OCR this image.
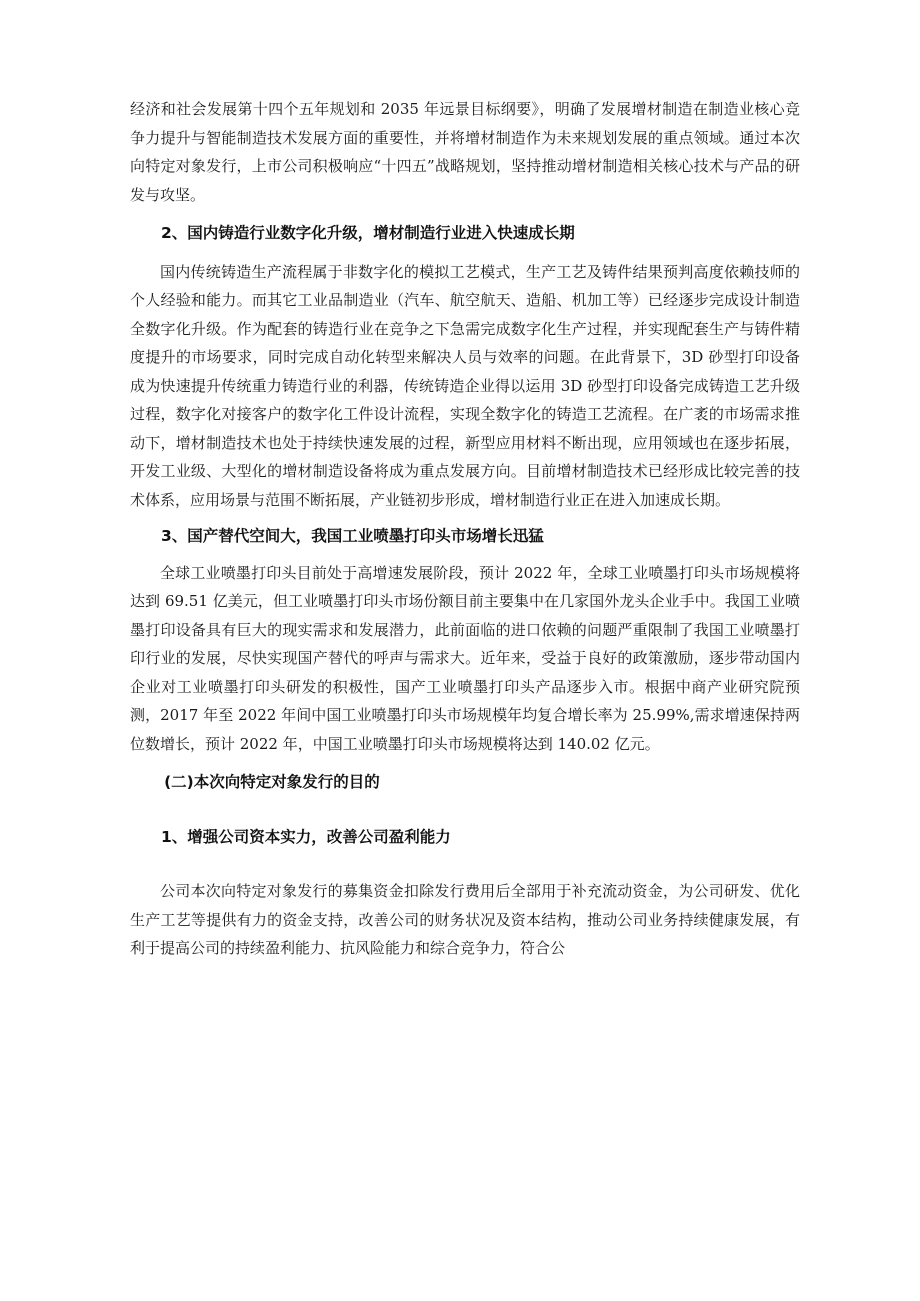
经济和社会发展第十四个五年规划和 2035 年远景目标纲要》，明确了发展增材制造在制造业核心竞争力提升与智能制造技术发展方面的重要性，并将增材制造作为未来规划发展的重点领域。通过本次向特定对象发行，上市公司积极响应“十四五”战略规划，坚持推动增材制造相关核心技术与产品的研发与攻坚。

2、国内铸造行业数字化升级，增材制造行业进入快速成长期

国内传统铸造生产流程属于非数字化的模拟工艺模式，生产工艺及铸件结果预判高度依赖技师的个人经验和能力。而其它工业品制造业（汽车、航空航天、造船、机加工等）已经逐步完成设计制造全数字化升级。作为配套的铸造行业在竞争之下急需完成数字化生产过程，并实现配套生产与铸件精度提升的市场要求，同时完成自动化转型来解决人员与效率的问题。在此背景下，3D 砂型打印设备成为快速提升传统重力铸造行业的利器，传统铸造企业得以运用 3D 砂型打印设备完成铸造工艺升级过程，数字化对接客户的数字化工件设计流程，实现全数字化的铸造工艺流程。在广袤的市场需求推动下，增材制造技术也处于持续快速发展的过程，新型应用材料不断出现，应用领域也在逐步拓展，开发工业级、大型化的增材制造设备将成为重点发展方向。目前增材制造技术已经形成比较完善的技术体系，应用场景与范围不断拓展，产业链初步形成，增材制造行业正在进入加速成长期。

3、国产替代空间大，我国工业喷墨打印头市场增长迅猛

全球工业喷墨打印头目前处于高增速发展阶段，预计 2022 年，全球工业喷墨打印头市场规模将达到 69.51 亿美元，但工业喷墨打印头市场份额目前主要集中在几家国外龙头企业手中。我国工业喷墨打印设备具有巨大的现实需求和发展潜力，此前面临的进口依赖的问题严重限制了我国工业喷墨打印行业的发展，尽快实现国产替代的呼声与需求大。近年来，受益于良好的政策激励，逐步带动国内企业对工业喷墨打印头研发的积极性，国产工业喷墨打印头产品逐步入市。根据中商产业研究院预测，2017 年至 2022 年间中国工业喷墨打印头市场规模年均复合增长率为 25.99%,需求增速保持两位数增长，预计 2022 年，中国工业喷墨打印头市场规模将达到 140.02 亿元。

(二)本次向特定对象发行的目的

1、增强公司资本实力，改善公司盈利能力

公司本次向特定对象发行的募集资金扣除发行费用后全部用于补充流动资金，为公司研发、优化生产工艺等提供有力的资金支持，改善公司的财务状况及资本结构，推动公司业务持续健康发展，有利于提高公司的持续盈利能力、抗风险能力和综合竞争力，符合公
